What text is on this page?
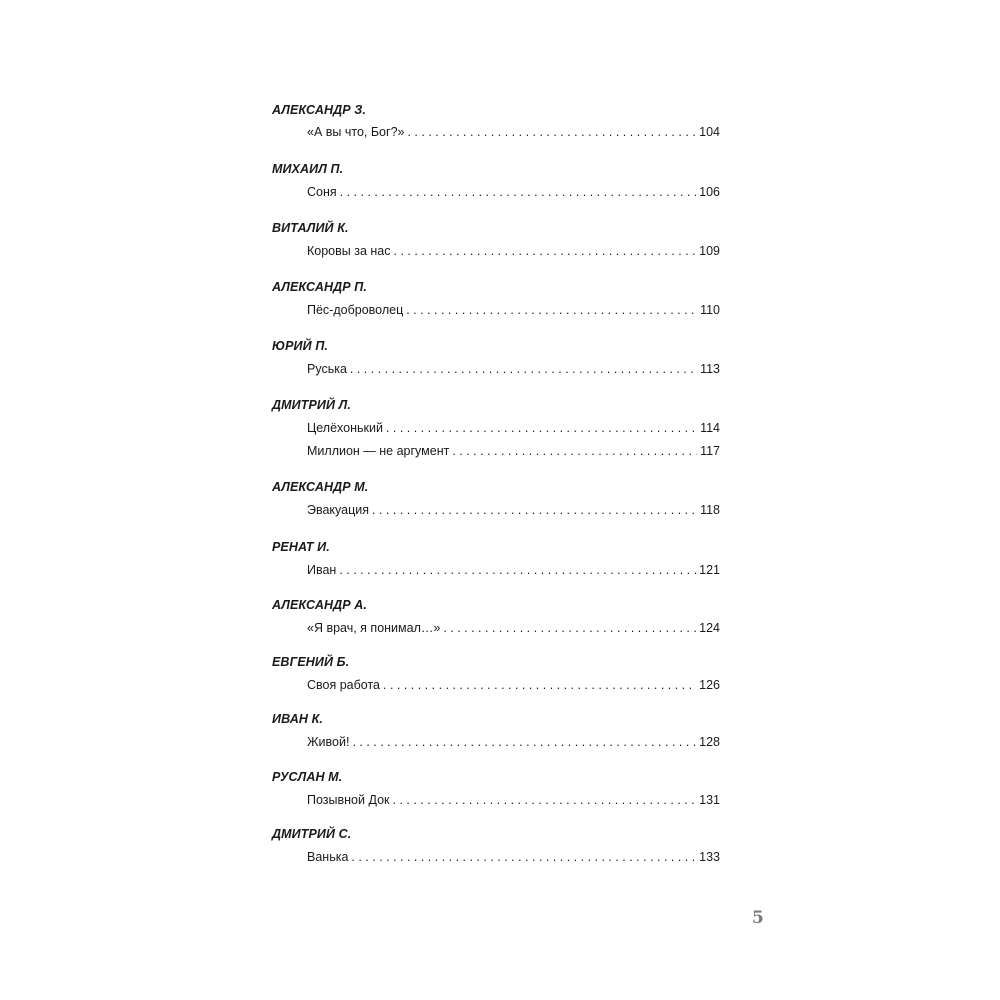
АЛЕКСАНДР З.
«А вы что, Бог?» . . .	104
МИХАИЛ П.
Соня . . .	106
ВИТАЛИЙ К.
Коровы за нас . . .	109
АЛЕКСАНДР П.
Пёс-доброволец . . .	110
ЮРИЙ П.
Руська . . .	113
ДМИТРИЙ Л.
Целёхонький . . .	114
Миллион — не аргумент . . .	117
АЛЕКСАНДР М.
Эвакуация . . .	118
РЕНАТ И.
Иван . . .	121
АЛЕКСАНДР А.
«Я врач, я понимал…» . . .	124
ЕВГЕНИЙ Б.
Своя работа . . .	126
ИВАН К.
Живой! . . .	128
РУСЛАН М.
Позывной Док . . .	131
ДМИТРИЙ С.
Ванька . . .	133
5
